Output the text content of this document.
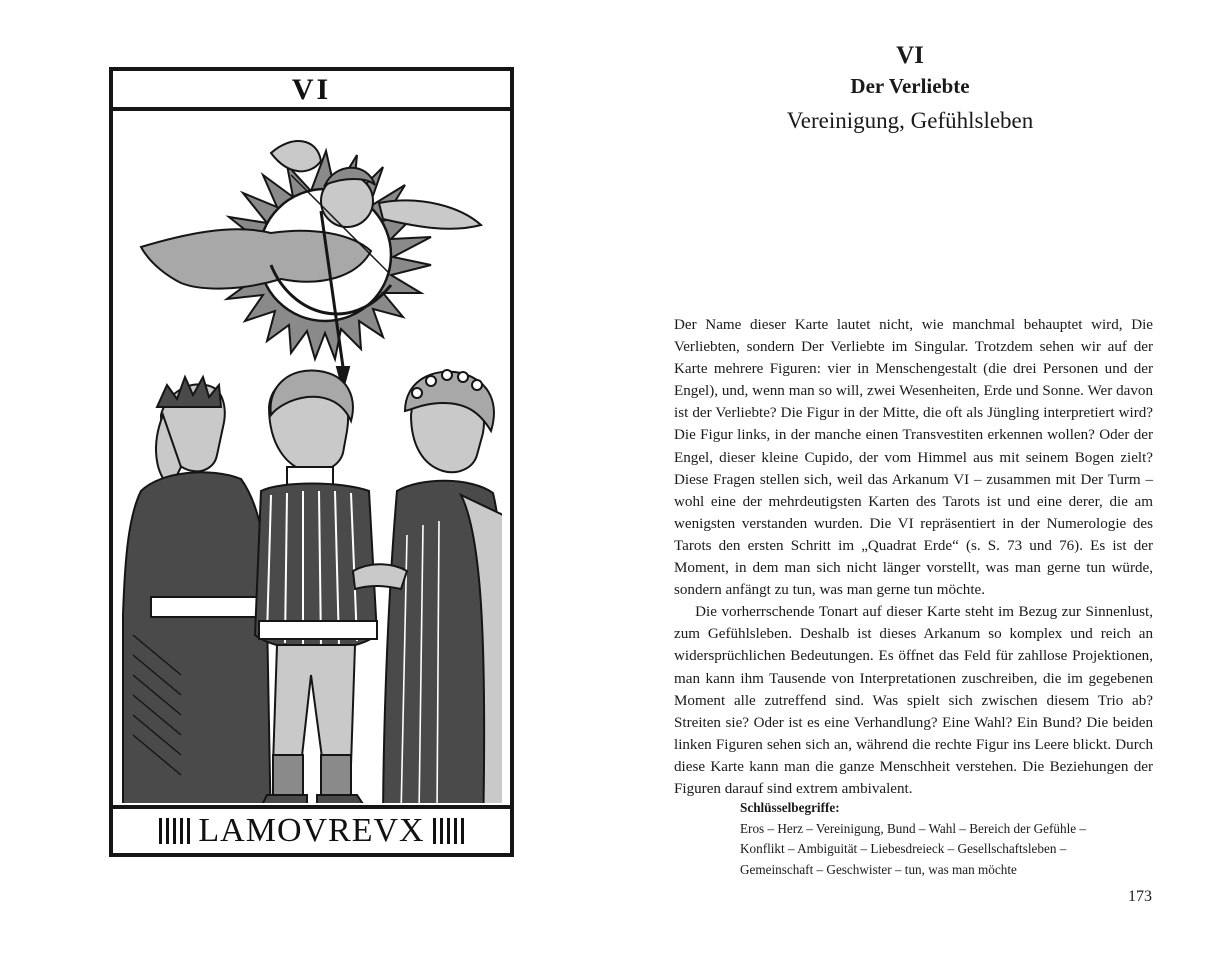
VI
LAMOVREVX
VI
Der Verliebte
Vereinigung, Gefühlsleben

Der Name dieser Karte lautet nicht, wie manchmal behauptet wird, Die Verliebten, sondern Der Verliebte im Singular. Trotzdem sehen wir auf der Karte mehrere Figuren: vier in Menschengestalt (die drei Personen und der Engel), und, wenn man so will, zwei Wesenheiten, Erde und Sonne. Wer davon ist der Verliebte? Die Figur in der Mitte, die oft als Jüngling interpretiert wird? Die Figur links, in der manche einen Transvestiten erkennen wollen? Oder der Engel, dieser kleine Cupido, der vom Himmel aus mit seinem Bogen zielt? Diese Fragen stellen sich, weil das Arkanum VI – zusammen mit Der Turm – wohl eine der mehrdeutigsten Karten des Tarots ist und eine derer, die am wenigsten verstanden wurden. Die VI repräsentiert in der Numerologie des Tarots den ersten Schritt im „Quadrat Erde“ (s. S. 73 und 76). Es ist der Moment, in dem man sich nicht länger vorstellt, was man gerne tun würde, sondern anfängt zu tun, was man gerne tun möchte.

Die vorherrschende Tonart auf dieser Karte steht im Bezug zur Sinnenlust, zum Gefühlsleben. Deshalb ist dieses Arkanum so komplex und reich an widersprüchlichen Bedeutungen. Es öffnet das Feld für zahllose Projektionen, man kann ihm Tausende von Interpretationen zuschreiben, die im gegebenen Moment alle zutreffend sind. Was spielt sich zwischen diesem Trio ab? Streiten sie? Oder ist es eine Verhandlung? Eine Wahl? Ein Bund? Die beiden linken Figuren sehen sich an, während die rechte Figur ins Leere blickt. Durch diese Karte kann man die ganze Menschheit verstehen. Die Beziehungen der Figuren darauf sind extrem ambivalent.

Schlüsselbegriffe:
Eros – Herz – Vereinigung, Bund – Wahl – Bereich der Gefühle –
Konflikt – Ambiguität – Liebesdreieck – Gesellschaftsleben –
Gemeinschaft – Geschwister – tun, was man möchte
173
